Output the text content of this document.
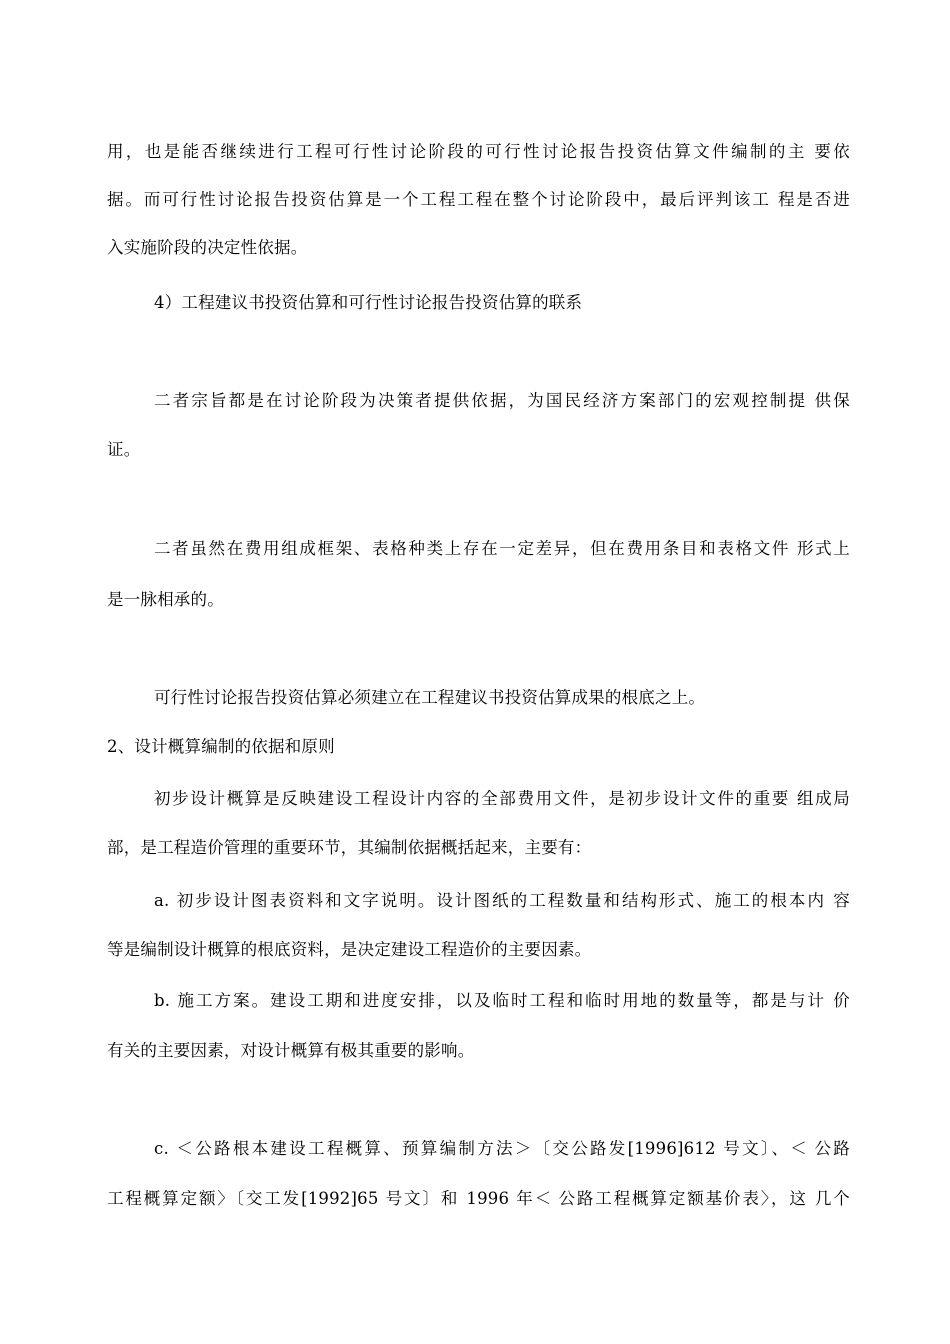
用，也是能否继续进行工程可行性讨论阶段的可行性讨论报告投资估算文件编制的主 要依
据。而可行性讨论报告投资估算是一个工程工程在整个讨论阶段中，最后评判该工 程是否进
入实施阶段的决定性依据。
4）工程建议书投资估算和可行性讨论报告投资估算的联系
二者宗旨都是在讨论阶段为决策者提供依据，为国民经济方案部门的宏观控制提 供保
证。
二者虽然在费用组成框架、表格种类上存在一定差异，但在费用条目和表格文件 形式上
是一脉相承的。
可行性讨论报告投资估算必须建立在工程建议书投资估算成果的根底之上。
2、设计概算编制的依据和原则
初步设计概算是反映建设工程设计内容的全部费用文件，是初步设计文件的重要 组成局
部，是工程造价管理的重要环节，其编制依据概括起来，主要有：
a. 初步设计图表资料和文字说明。设计图纸的工程数量和结构形式、施工的根本内 容
等是编制设计概算的根底资料，是决定建设工程造价的主要因素。
b. 施工方案。建设工期和进度安排，以及临时工程和临时用地的数量等，都是与计 价
有关的主要因素，对设计概算有极其重要的影响。
c. ＜公路根本建设工程概算、预算编制方法＞〔交公路发[1996]612 号文〕、＜ 公路
工程概算定额〉〔交工发[1992]65 号文〕和 1996 年＜ 公路工程概算定额基价表〉，这 几个
